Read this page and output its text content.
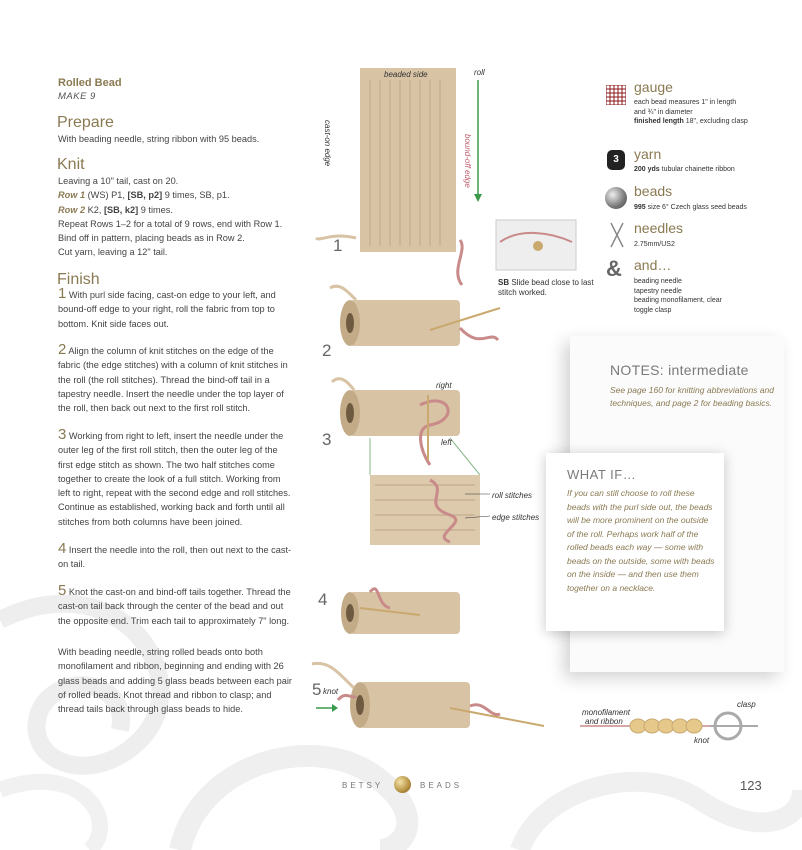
Rolled Bead
MAKE 9
Prepare
With beading needle, string ribbon with 95 beads.
Knit
Leaving a 10" tail, cast on 20.
Row 1 (WS) P1, [SB, p2] 9 times, SB, p1.
Row 2 K2, [SB, k2] 9 times.
Repeat Rows 1–2 for a total of 9 rows, end with Row 1.
Bind off in pattern, placing beads as in Row 2.
Cut yarn, leaving a 12" tail.
Finish
1 With purl side facing, cast-on edge to your left, and bound-off edge to your right, roll the fabric from top to bottom. Knit side faces out.
2 Align the column of knit stitches on the edge of the fabric (the edge stitches) with a column of knit stitches in the roll (the roll stitches). Thread the bind-off tail in a tapestry needle. Insert the needle under the top layer of the roll, then back out next to the first roll stitch.
3 Working from right to left, insert the needle under the outer leg of the first roll stitch, then the outer leg of the first edge stitch as shown. The two half stitches come together to create the look of a full stitch. Working from left to right, repeat with the second edge and roll stitches. Continue as established, working back and forth until all stitches from both columns have been joined.
4 Insert the needle into the roll, then out next to the cast-on tail.
5 Knot the cast-on and bind-off tails together. Thread the cast-on tail back through the center of the bead and out the opposite end. Trim each tail to approximately 7" long.
With beading needle, string rolled beads onto both monofilament and ribbon, beginning and ending with 26 glass beads and adding 5 glass beads between each pair of rolled beads. Knot thread and ribbon to clasp; and thread tails back through glass beads to hide.
beaded side	roll
cast-on edge	bound-off edge
SB Slide bead close to last stitch worked.
right
left
roll stitches
edge stitches
knot
monofilament
and ribbon
clasp
knot
1
2
3
4
5
gauge
each bead measures 1" in length
and ¾" in diameter
finished length 18", excluding clasp
3	yarn
200 yds tubular chainette ribbon
beads
995 size 6° Czech glass seed beads
needles
2.75mm/US2
& and…
beading needle
tapestry needle
beading monofilament, clear
toggle clasp
NOTES: intermediate
See page 160 for knitting abbreviations and techniques, and page 2 for beading basics.
WHAT IF…
If you can still choose to roll these beads with the purl side out, the beads will be more prominent on the outside of the roll. Perhaps work half of the rolled beads each way — some with beads on the outside, some with beads on the inside — and then use them together on a necklace.
BETSY	BEADS	123
